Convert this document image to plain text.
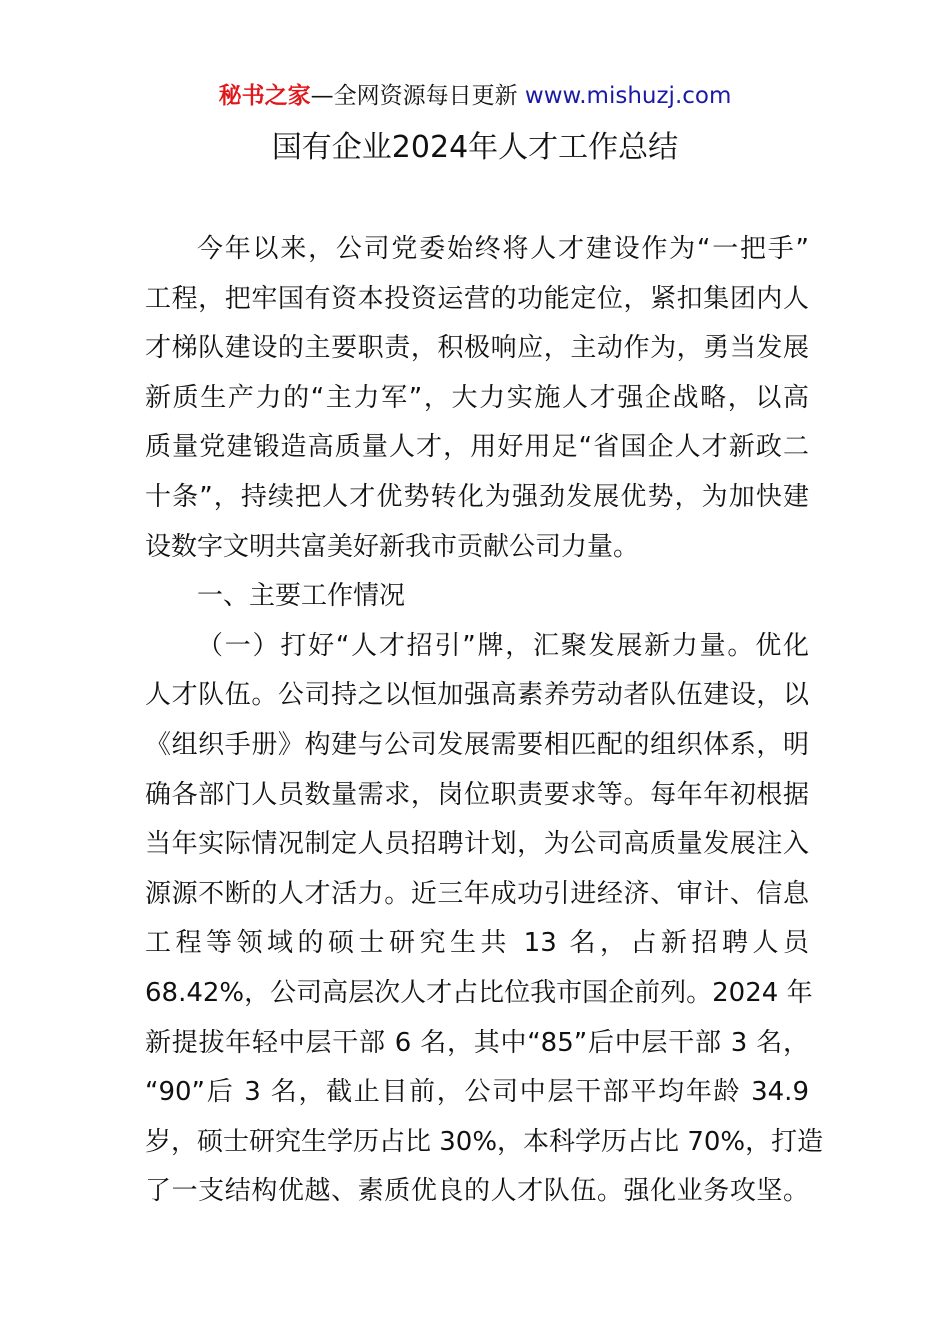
秘书之家—全网资源每日更新 www.mishuzj.com
国有企业2024年人才工作总结
今年以来，公司党委始终将人才建设作为“一把手”
工程，把牢国有资本投资运营的功能定位，紧扣集团内人
才梯队建设的主要职责，积极响应，主动作为，勇当发展
新质生产力的“主力军”，大力实施人才强企战略，以高
质量党建锻造高质量人才，用好用足“省国企人才新政二
十条”，持续把人才优势转化为强劲发展优势，为加快建
设数字文明共富美好新我市贡献公司力量。
一、主要工作情况
（一）打好“人才招引”牌，汇聚发展新力量。优化
人才队伍。公司持之以恒加强高素养劳动者队伍建设，以
《组织手册》构建与公司发展需要相匹配的组织体系，明
确各部门人员数量需求，岗位职责要求等。每年年初根据
当年实际情况制定人员招聘计划，为公司高质量发展注入
源源不断的人才活力。近三年成功引进经济、审计、信息
工程等领域的硕士研究生共 13 名，占新招聘人员
68.42%，公司高层次人才占比位我市国企前列。2024 年
新提拔年轻中层干部 6 名，其中“85”后中层干部 3 名，
“90”后 3 名，截止目前，公司中层干部平均年龄 34.9
岁，硕士研究生学历占比 30%，本科学历占比 70%，打造
了一支结构优越、素质优良的人才队伍。强化业务攻坚。
